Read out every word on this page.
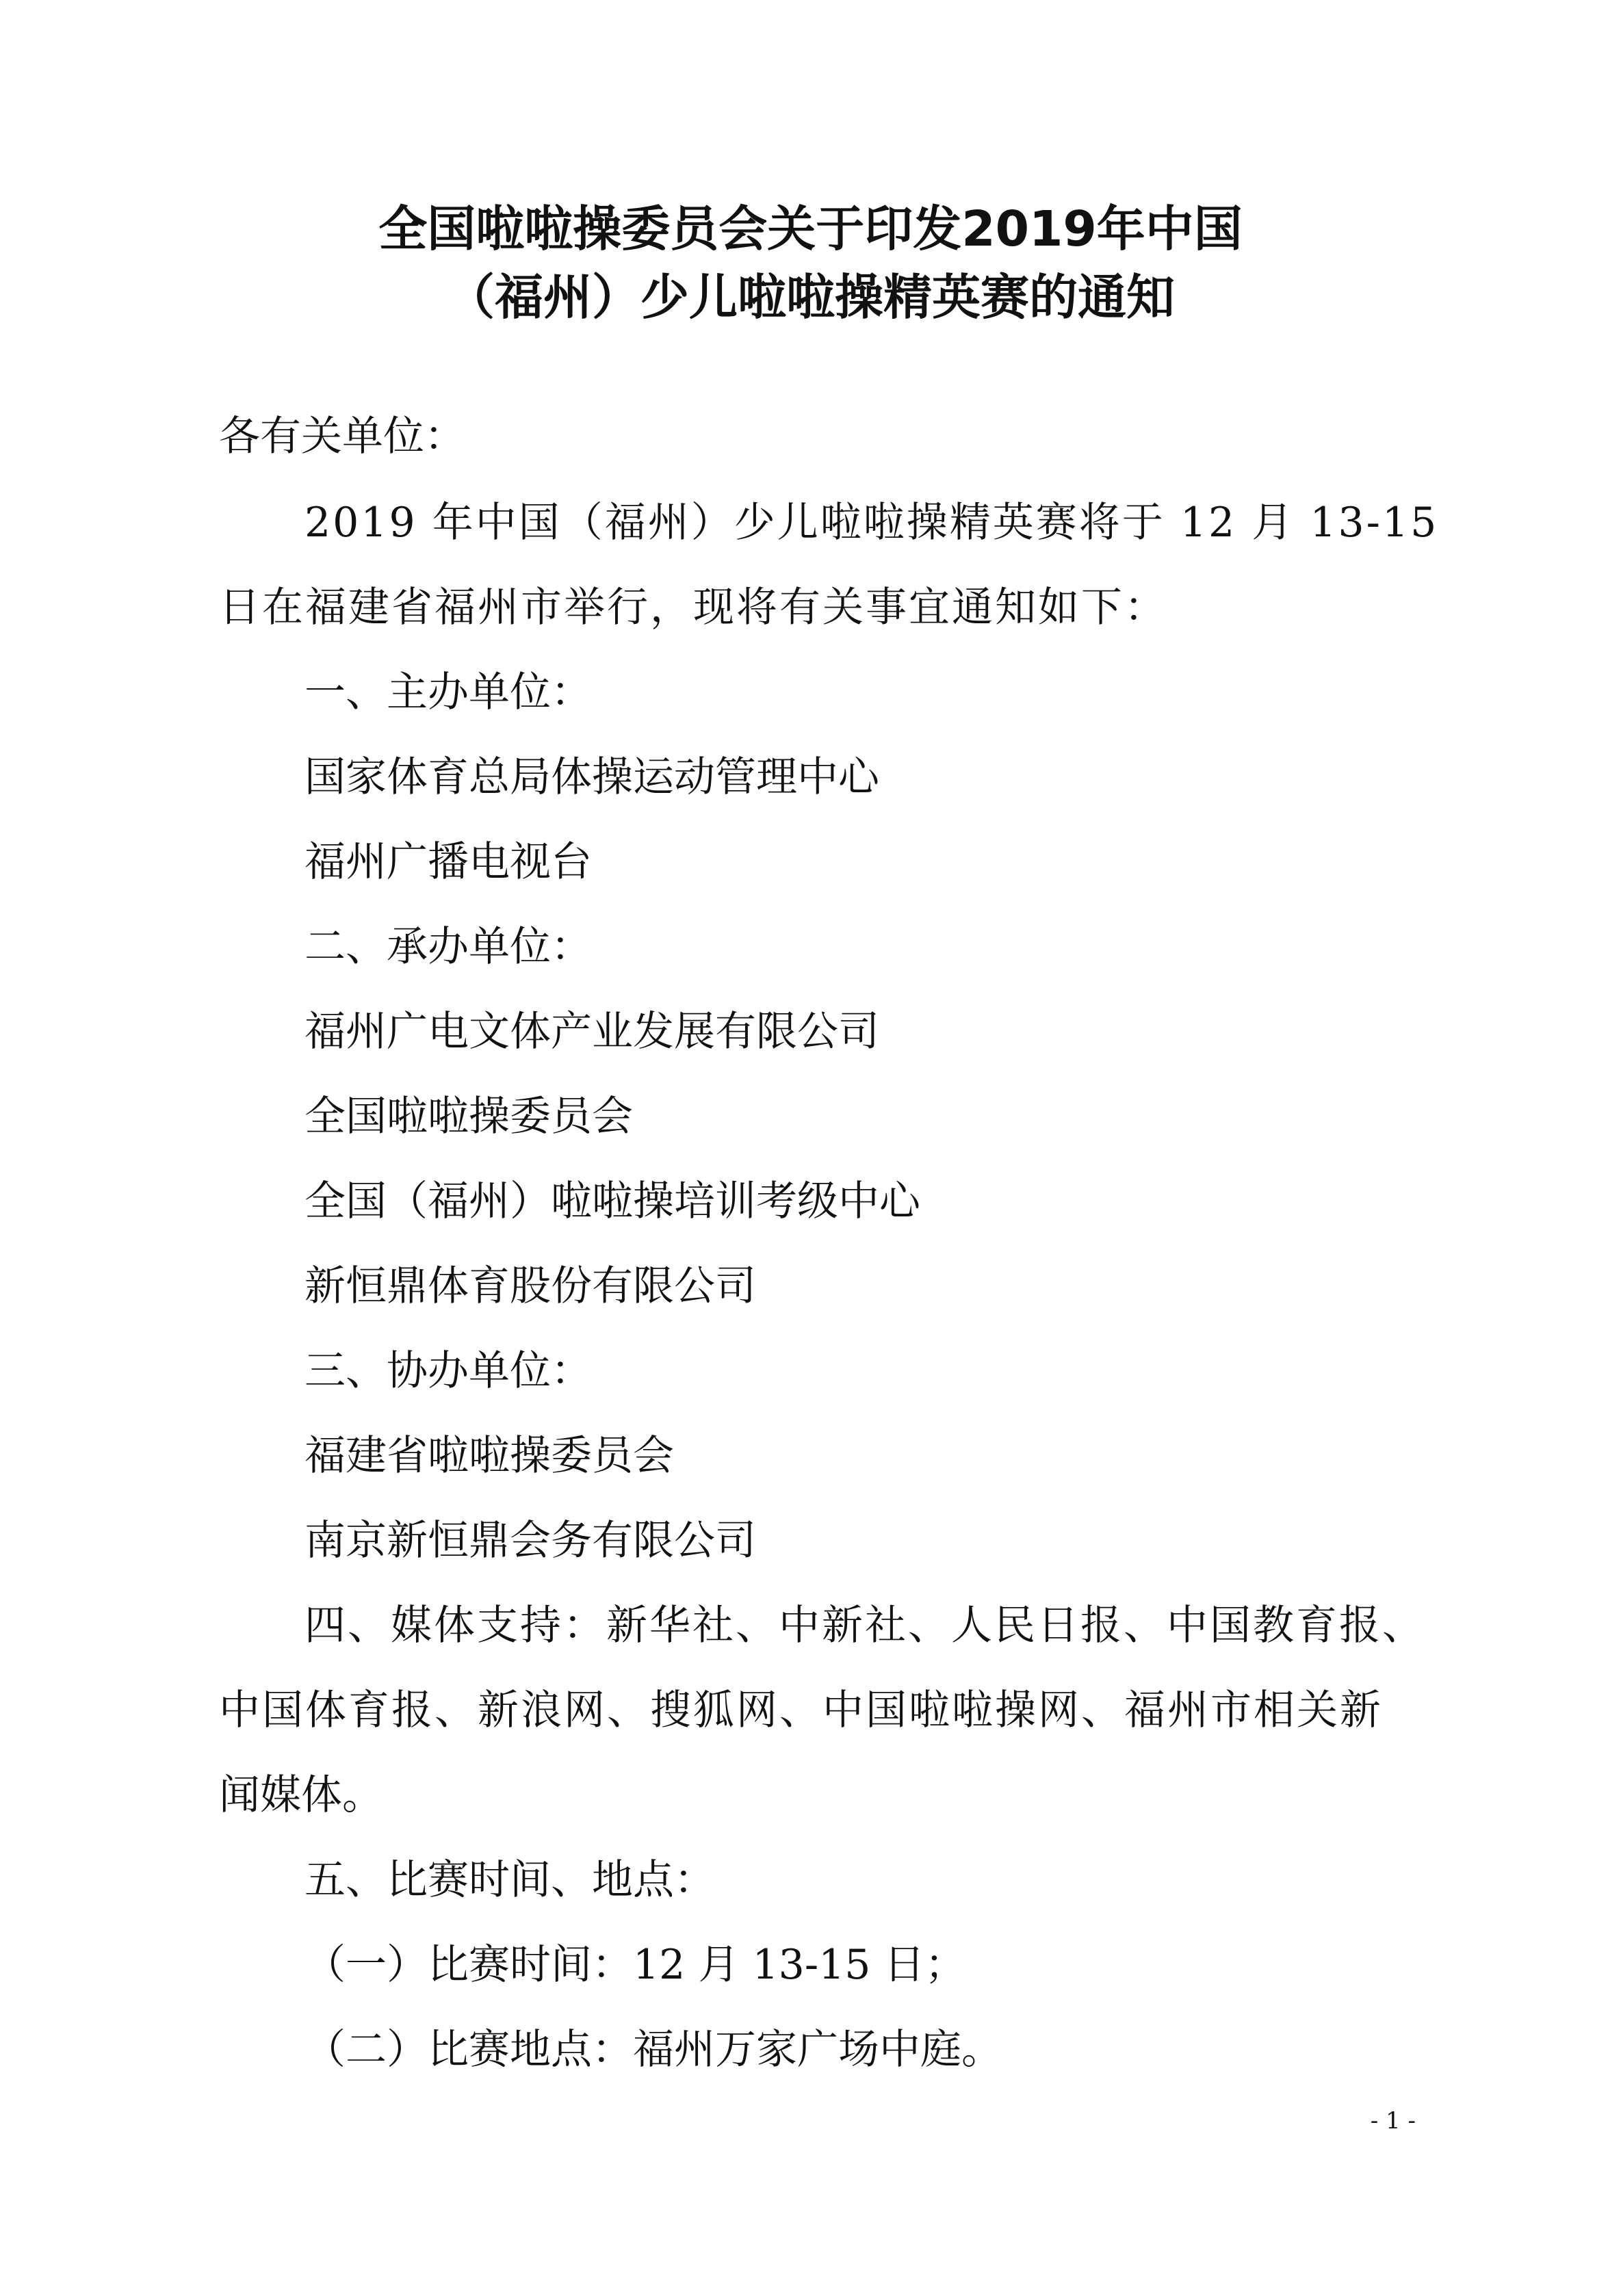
全国啦啦操委员会关于印发2019年中国
（福州）少儿啦啦操精英赛的通知

各有关单位：

2019 年中国（福州）少儿啦啦操精英赛将于 12 月 13-15

日在福建省福州市举行，现将有关事宜通知如下：

一、主办单位：

国家体育总局体操运动管理中心

福州广播电视台

二、承办单位：

福州广电文体产业发展有限公司

全国啦啦操委员会

全国（福州）啦啦操培训考级中心

新恒鼎体育股份有限公司

三、协办单位：

福建省啦啦操委员会

南京新恒鼎会务有限公司

四、媒体支持：新华社、中新社、人民日报、中国教育报、

中国体育报、新浪网、搜狐网、中国啦啦操网、福州市相关新

闻媒体。

五、比赛时间、地点：

（一）比赛时间：12 月 13-15 日；

（二）比赛地点：福州万家广场中庭。

- 1 -
